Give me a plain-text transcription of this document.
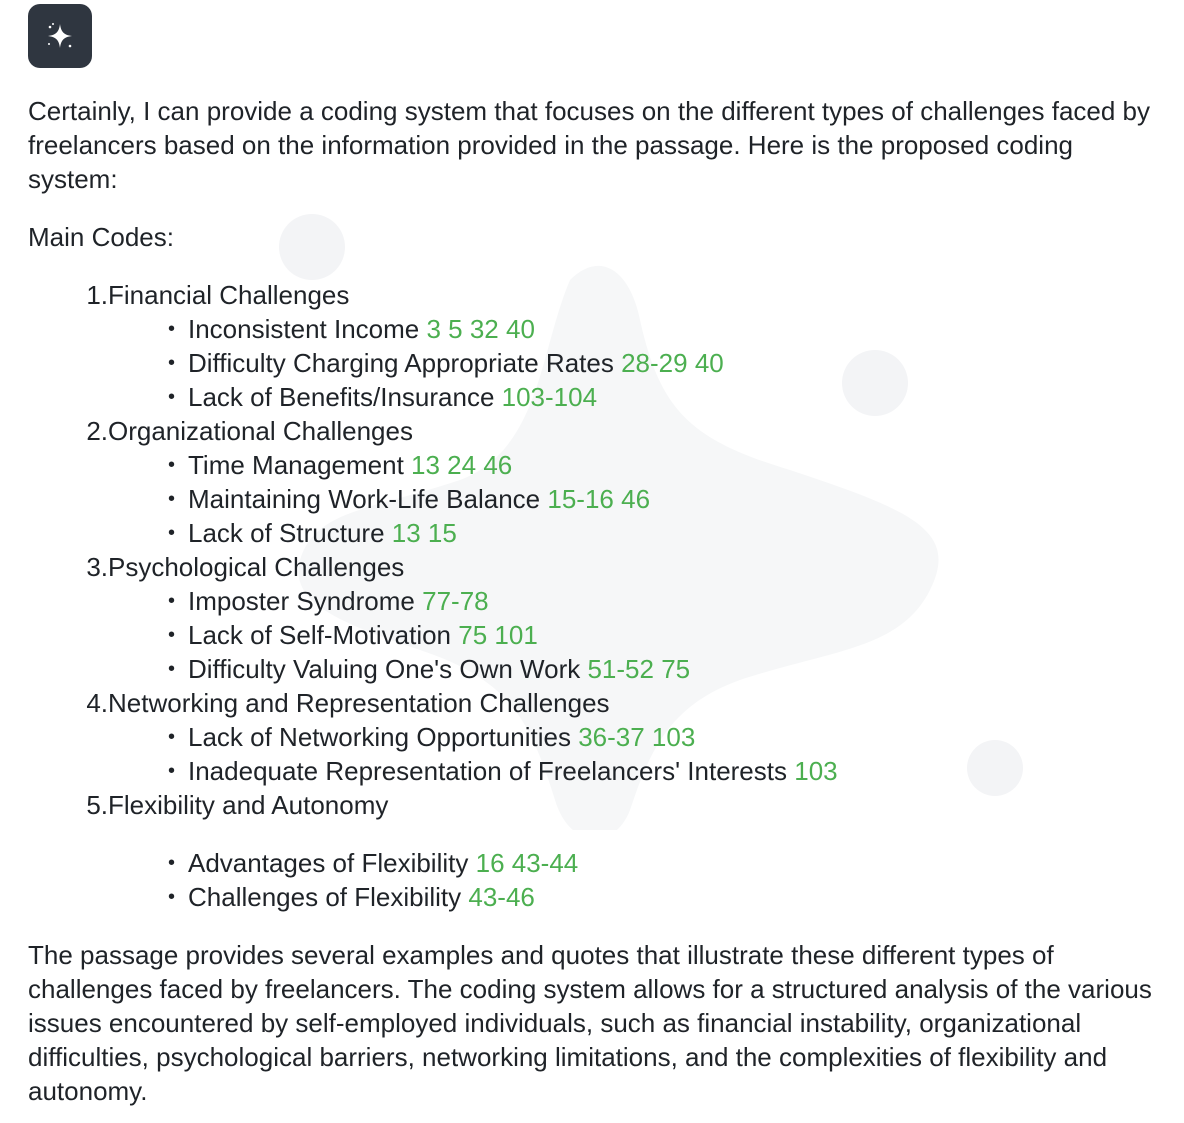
Certainly, I can provide a coding system that focuses on the different types of challenges faced by freelancers based on the information provided in the passage. Here is the proposed coding system:

Main Codes:

1. Financial Challenges
• Inconsistent Income 3 5 32 40
• Difficulty Charging Appropriate Rates 28-29 40
• Lack of Benefits/Insurance 103-104
2. Organizational Challenges
• Time Management 13 24 46
• Maintaining Work-Life Balance 15-16 46
• Lack of Structure 13 15
3. Psychological Challenges
• Imposter Syndrome 77-78
• Lack of Self-Motivation 75 101
• Difficulty Valuing One's Own Work 51-52 75
4. Networking and Representation Challenges
• Lack of Networking Opportunities 36-37 103
• Inadequate Representation of Freelancers' Interests 103
5. Flexibility and Autonomy
• Advantages of Flexibility 16 43-44
• Challenges of Flexibility 43-46

The passage provides several examples and quotes that illustrate these different types of challenges faced by freelancers. The coding system allows for a structured analysis of the various issues encountered by self-employed individuals, such as financial instability, organizational difficulties, psychological barriers, networking limitations, and the complexities of flexibility and autonomy.
